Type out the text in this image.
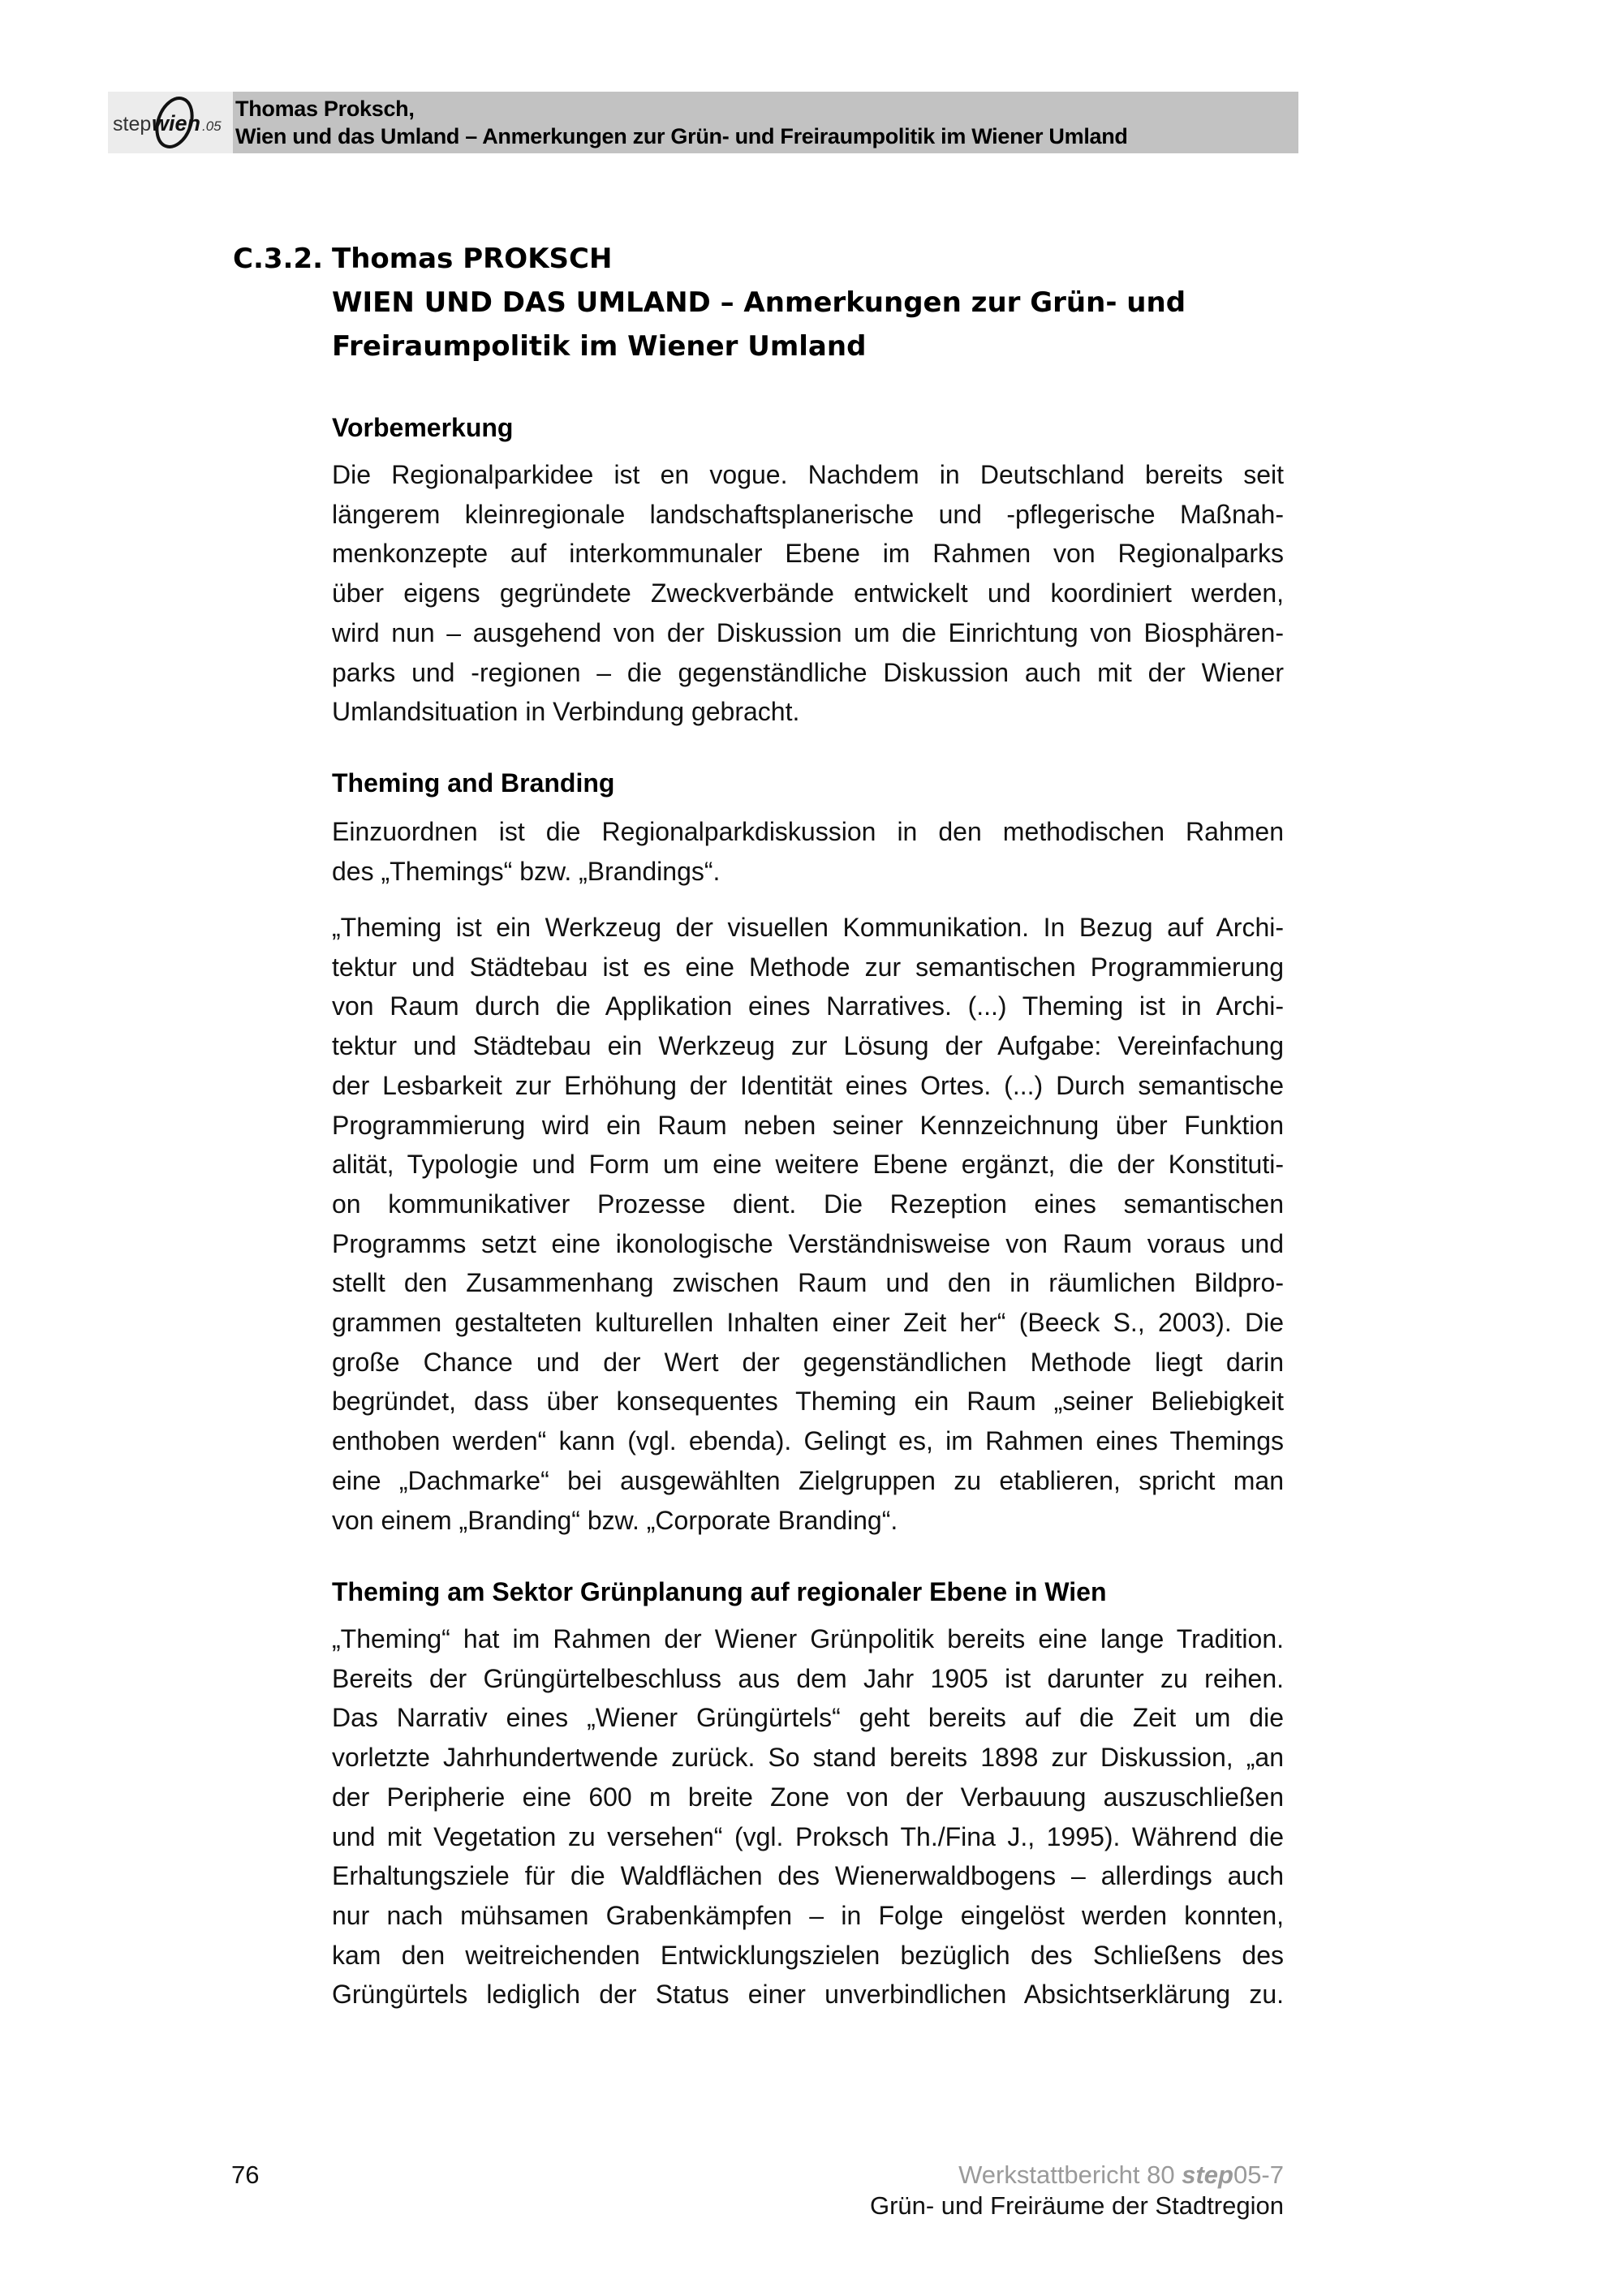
step wien .05
Thomas Proksch,
Wien und das Umland – Anmerkungen zur Grün- und Freiraumpolitik im Wiener Umland
C.3.2. Thomas PROKSCH
WIEN UND DAS UMLAND – Anmerkungen zur Grün- und
Freiraumpolitik im Wiener Umland
Vorbemerkung
Die Regionalparkidee ist en vogue. Nachdem in Deutschland bereits seit
längerem kleinregionale landschaftsplanerische und -pflegerische Maßnah-
menkonzepte auf interkommunaler Ebene im Rahmen von Regionalparks
über eigens gegründete Zweckverbände entwickelt und koordiniert werden,
wird nun – ausgehend von der Diskussion um die Einrichtung von Biosphären-
parks und -regionen – die gegenständliche Diskussion auch mit der Wiener
Umlandsituation in Verbindung gebracht.
Theming and Branding
Einzuordnen ist die Regionalparkdiskussion in den methodischen Rahmen
des „Themings“ bzw. „Brandings“.
„Theming ist ein Werkzeug der visuellen Kommunikation. In Bezug auf Archi-
tektur und Städtebau ist es eine Methode zur semantischen Programmierung
von Raum durch die Applikation eines Narratives. (...) Theming ist in Archi-
tektur und Städtebau ein Werkzeug zur Lösung der Aufgabe: Vereinfachung
der Lesbarkeit zur Erhöhung der Identität eines Ortes. (...) Durch semantische
Programmierung wird ein Raum neben seiner Kennzeichnung über Funktion
alität, Typologie und Form um eine weitere Ebene ergänzt, die der Konstituti-
on kommunikativer Prozesse dient. Die Rezeption eines semantischen
Programms setzt eine ikonologische Verständnisweise von Raum voraus und
stellt den Zusammenhang zwischen Raum und den in räumlichen Bildpro-
grammen gestalteten kulturellen Inhalten einer Zeit her“ (Beeck S., 2003). Die
große Chance und der Wert der gegenständlichen Methode liegt darin
begründet, dass über konsequentes Theming ein Raum „seiner Beliebigkeit
enthoben werden“ kann (vgl. ebenda). Gelingt es, im Rahmen eines Themings
eine „Dachmarke“ bei ausgewählten Zielgruppen zu etablieren, spricht man
von einem „Branding“ bzw. „Corporate Branding“.
Theming am Sektor Grünplanung auf regionaler Ebene in Wien
„Theming“ hat im Rahmen der Wiener Grünpolitik bereits eine lange Tradition.
Bereits der Grüngürtelbeschluss aus dem Jahr 1905 ist darunter zu reihen.
Das Narrativ eines „Wiener Grüngürtels“ geht bereits auf die Zeit um die
vorletzte Jahrhundertwende zurück. So stand bereits 1898 zur Diskussion, „an
der Peripherie eine 600 m breite Zone von der Verbauung auszuschließen
und mit Vegetation zu versehen“ (vgl. Proksch Th./Fina J., 1995). Während die
Erhaltungsziele für die Waldflächen des Wienerwaldbogens – allerdings auch
nur nach mühsamen Grabenkämpfen – in Folge eingelöst werden konnten,
kam den weitreichenden Entwicklungszielen bezüglich des Schließens des
Grüngürtels lediglich der Status einer unverbindlichen Absichtserklärung zu.
76	Werkstattbericht 80 step05-7
Grün- und Freiräume der Stadtregion
